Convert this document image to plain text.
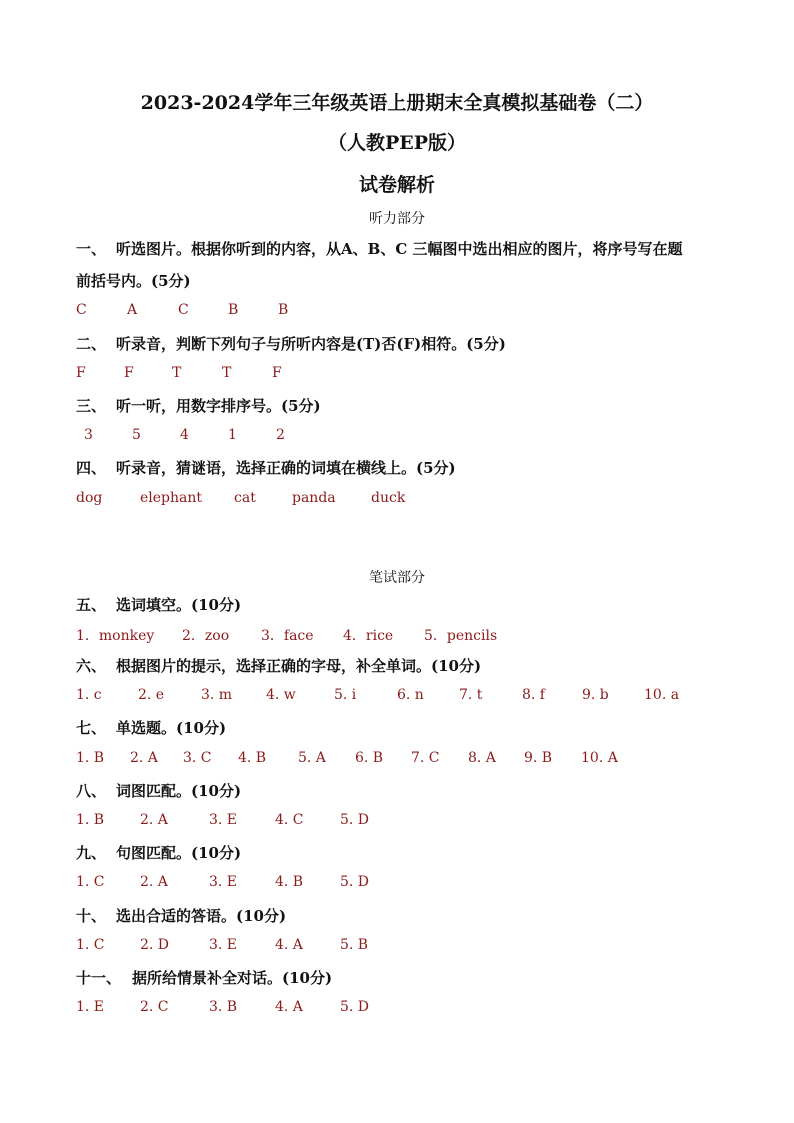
2023-2024学年三年级英语上册期末全真模拟基础卷（二）
（人教PEP版）
试卷解析
听力部分
一、 听选图片。根据你听到的内容，从A、B、C 三幅图中选出相应的图片，将序号写在题
前括号内。(5分)
C	A	C	B	B
二、 听录音，判断下列句子与所听内容是(T)否(F)相符。(5分)
F	F	T	T	F
三、 听一听，用数字排序号。(5分)
3	5	4	1	2
四、 听录音，猜谜语，选择正确的词填在横线上。(5分)
dog	elephant cat	panda	duck
笔试部分
五、 选词填空。(10分)
1．monkey 2．zoo 3．face 4．rice 5．pencils
六、 根据图片的提示，选择正确的字母，补全单词。(10分)
1. c	2. e	3. m 4. w	5. i	6. n	7. t	8. f	9. b	10. a
七、 单选题。(10分)
1. B 2. A 3. C 4. B 5. A 6. B 7. C 8. A 9. B 10. A
八、 词图匹配。(10分)
1. B	2. A	3. E	4. C	5. D
九、 句图匹配。(10分)
1. C	2. A	3. E	4. B	5. D
十、 选出合适的答语。(10分)
1. C	2. D	3. E	4. A	5. B
十一、 据所给情景补全对话。(10分)
1. E	2. C	3. B	4. A	5. D
